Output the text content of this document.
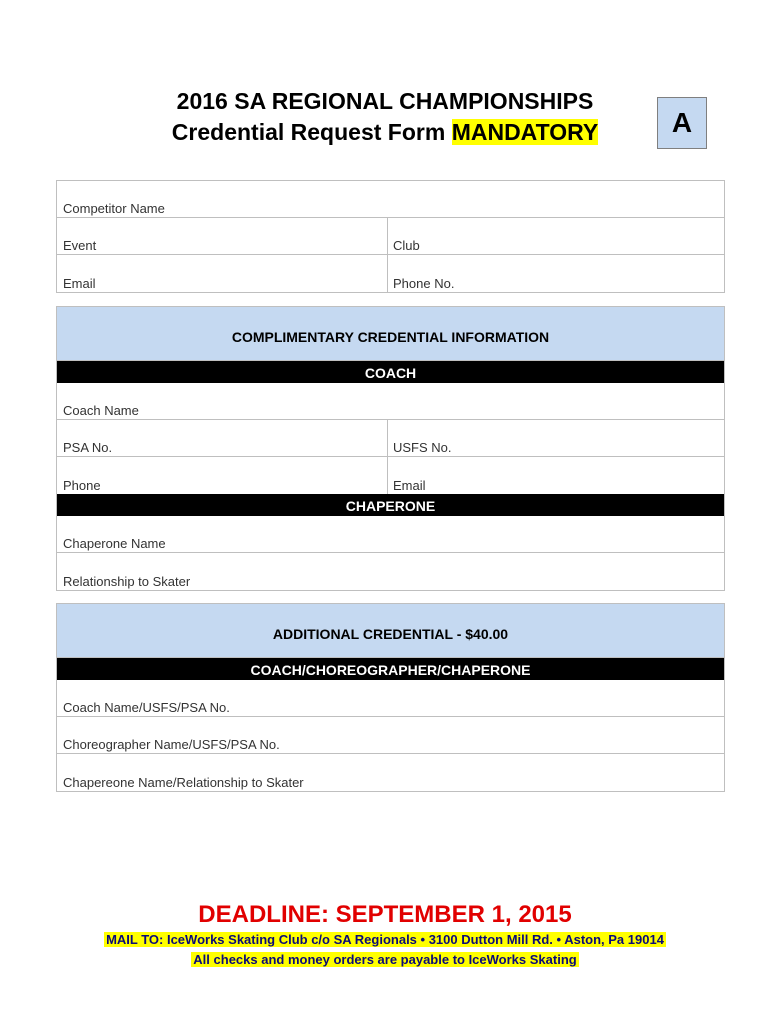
2016 SA REGIONAL CHAMPIONSHIPS
Credential Request Form MANDATORY	A
Competitor Name
Event	Club
Email	Phone No.
COMPLIMENTARY CREDENTIAL INFORMATION
COACH
Coach Name
PSA No.	USFS No.
Phone	Email
CHAPERONE
Chaperone Name
Relationship to Skater
ADDITIONAL CREDENTIAL - $40.00
COACH/CHOREOGRAPHER/CHAPERONE
Coach Name/USFS/PSA No.
Choreographer Name/USFS/PSA No.
Chapereone Name/Relationship to Skater
DEADLINE: SEPTEMBER 1, 2015
MAIL TO: IceWorks Skating Club c/o SA Regionals • 3100 Dutton Mill Rd. • Aston, Pa 19014
All checks and money orders are payable to IceWorks Skating
